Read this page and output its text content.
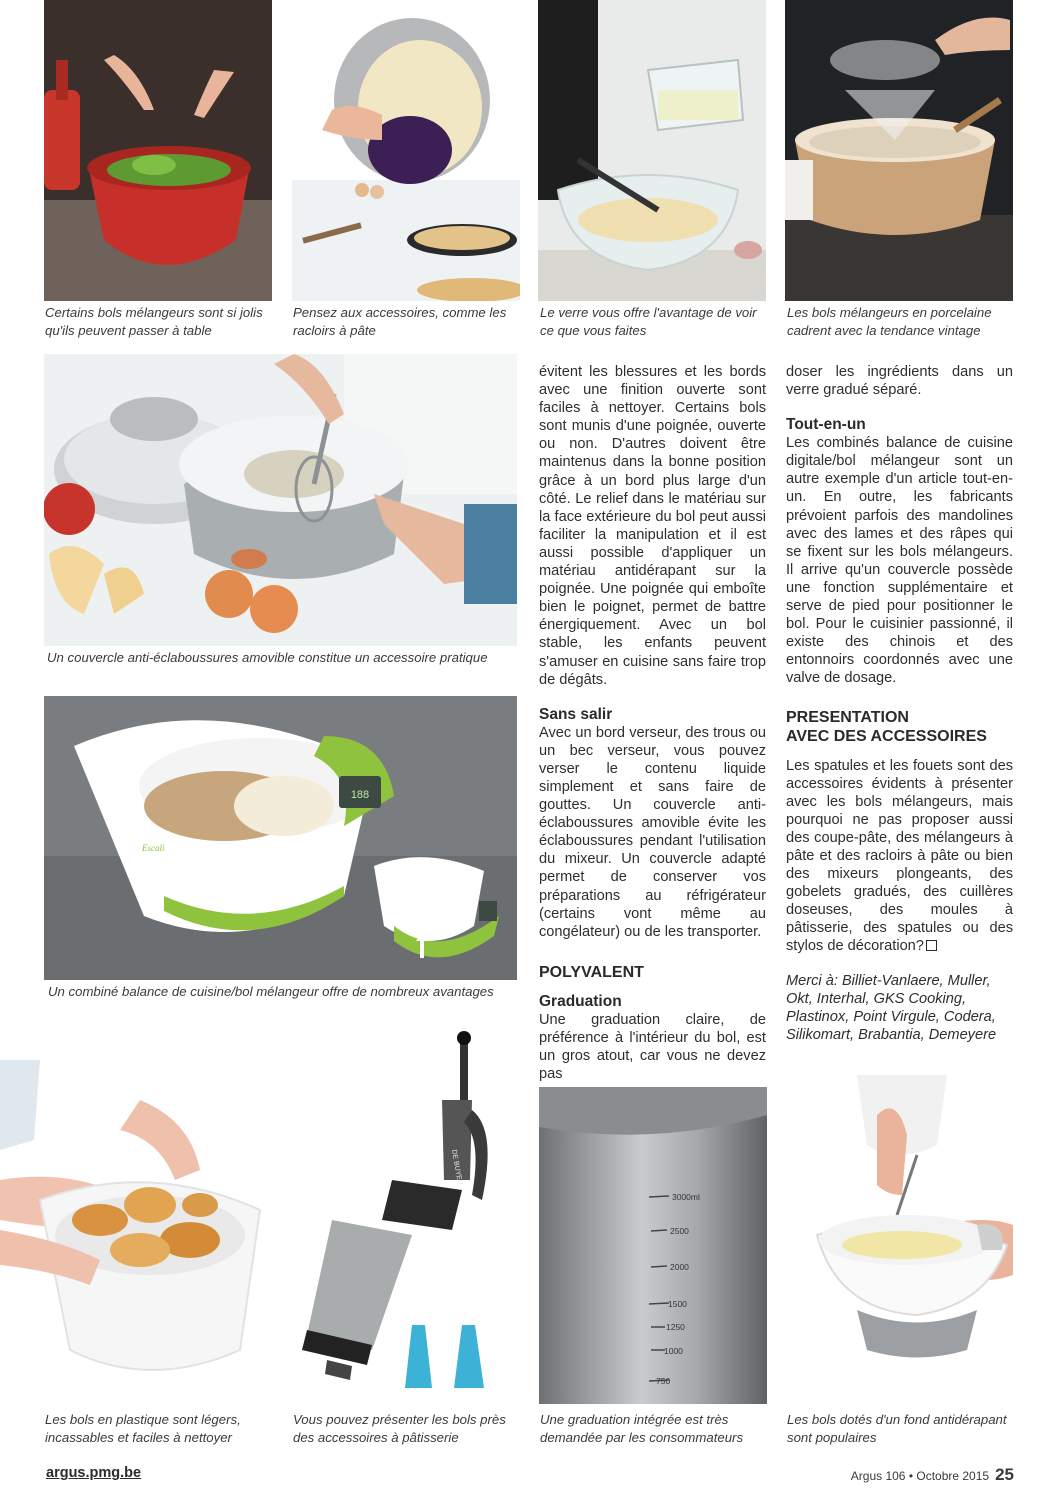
Certains bols mélangeurs sont si jolis qu'ils peuvent passer à table
Pensez aux accessoires, comme les racloirs à pâte
Le verre vous offre l'avantage de voir ce que vous faites
Les bols mélangeurs en porcelaine cadrent avec la tendance vintage
Un couvercle anti-éclaboussures amovible constitue un accessoire pratique
188
Escali
Un combiné balance de cuisine/bol mélangeur offre de nombreux avantages

évitent les blessures et les bords avec une finition ouverte sont faciles à nettoyer. Certains bols sont munis d'une poignée, ouverte ou non. D'autres doivent être maintenus dans la bonne position grâce à un bord plus large d'un côté. Le relief dans le matériau sur la face extérieure du bol peut aussi faciliter la manipulation et il est aussi possible d'appliquer un matériau antidérapant sur la poignée. Une poignée qui emboîte bien le poignet, permet de battre énergiquement. Avec un bol stable, les enfants peuvent s'amuser en cuisine sans faire trop de dégâts.

Sans salir

Avec un bord verseur, des trous ou un bec verseur, vous pouvez verser le contenu liquide simplement et sans faire de gouttes. Un couvercle anti-éclaboussures amovible évite les éclaboussures pendant l'utilisation du mixeur. Un couvercle adapté permet de conserver vos préparations au réfrigérateur (certains vont même au congélateur) ou de les transporter.

POLYVALENT
Graduation

Une graduation claire, de préférence à l'intérieur du bol, est un gros atout, car vous ne devez pas

doser les ingrédients dans un verre gradué séparé.

Tout-en-un

Les combinés balance de cuisine digitale/bol mélangeur sont un autre exemple d'un article tout-en-un. En outre, les fabricants prévoient parfois des mandolines avec des lames et des râpes qui se fixent sur les bols mélangeurs. Il arrive qu'un couvercle possède une fonction supplémentaire et serve de pied pour positionner le bol. Pour le cuisinier passionné, il existe des chinois et des entonnoirs coordonnés avec une valve de dosage.

PRESENTATION
AVEC DES ACCESSOIRES

Les spatules et les fouets sont des accessoires évidents à présenter avec les bols mélangeurs, mais pourquoi ne pas proposer aussi des coupe-pâte, des mélangeurs à pâte et des racloirs à pâte ou bien des mixeurs plongeants, des gobelets gradués, des cuillères doseuses, des moules à pâtisserie, des spatules ou des stylos de décoration?

Merci à: Billiet-Vanlaere, Muller, Okt, Interhal, GKS Cooking, Plastinox, Point Virgule, Codera, Silikomart, Brabantia, Demeyere

DE BUYER
3000ml
2500
2000
1500
1250
1000
750
Les bols en plastique sont légers, incassables et faciles à nettoyer
Vous pouvez présenter les bols près des accessoires à pâtisserie
Une graduation intégrée est très demandée par les consommateurs
Les bols dotés d'un fond antidérapant sont populaires
argus.pmg.be	Argus 106 • Octobre 2015 25
